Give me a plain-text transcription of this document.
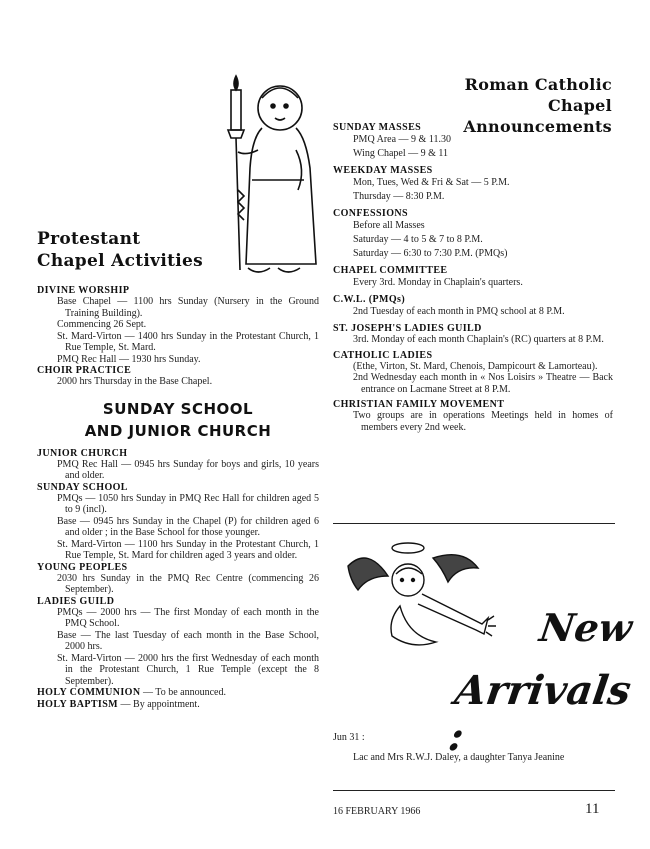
Protestant
Chapel Activities

DIVINE WORSHIP

Base Chapel — 1100 hrs Sunday (Nursery in the Ground Training Building).

Commencing 26 Sept.

St. Mard-Virton — 1400 hrs Sunday in the Protestant Church, 1 Rue Temple, St. Mard.

PMQ Rec Hall — 1930 hrs Sunday.

CHOIR PRACTICE

2000 hrs Thursday in the Base Chapel.

SUNDAY SCHOOL
AND JUNIOR CHURCH

JUNIOR CHURCH

PMQ Rec Hall — 0945 hrs Sunday for boys and girls, 10 years and older.

SUNDAY SCHOOL

PMQs — 1050 hrs Sunday in PMQ Rec Hall for children aged 5 to 9 (incl).

Base — 0945 hrs Sunday in the Chapel (P) for children aged 6 and older ; in the Base School for those younger.

St. Mard-Virton — 1100 hrs Sunday in the Protestant Church, 1 Rue Temple, St. Mard for children aged 3 years and older.

YOUNG PEOPLES

2030 hrs Sunday in the PMQ Rec Centre (commencing 26 September).

LADIES GUILD

PMQs — 2000 hrs — The first Monday of each month in the PMQ School.

Base — The last Tuesday of each month in the Base School, 2000 hrs.

St. Mard-Virton — 2000 hrs the first Wednesday of each month in the Protestant Church, 1 Rue Temple (except the 8 September).

HOLY COMMUNION — To be announced.

HOLY BAPTISM — By appointment.

Roman Catholic Chapel
Announcements

SUNDAY MASSES

PMQ Area — 9 & 11.30

Wing Chapel — 9 & 11

WEEKDAY MASSES

Mon, Tues, Wed & Fri & Sat — 5 P.M.

Thursday — 8:30 P.M.

CONFESSIONS

Before all Masses

Saturday — 4 to 5 & 7 to 8 P.M.

Saturday — 6:30 to 7:30 P.M. (PMQs)

CHAPEL COMMITTEE

Every 3rd. Monday in Chaplain's quarters.

C.W.L. (PMQs)

2nd Tuesday of each month in PMQ school at 8 P.M.

ST. JOSEPH'S LADIES GUILD

3rd. Monday of each month Chaplain's (RC) quarters at 8 P.M.

CATHOLIC LADIES

(Ethe, Virton, St. Mard, Chenois, Dampicourt & Lamorteau).

2nd Wednesday each month in « Nos Loisirs » Theatre — Back entrance on Lacmane Street at 8 P.M.

CHRISTIAN FAMILY MOVEMENT

Two groups are in operations Meetings held in homes of members every 2nd week.

New
Arrivals :
Jun 31 :
Lac and Mrs R.W.J. Daley, a daughter Tanya Jeanine
16 FEBRUARY 1966	11
